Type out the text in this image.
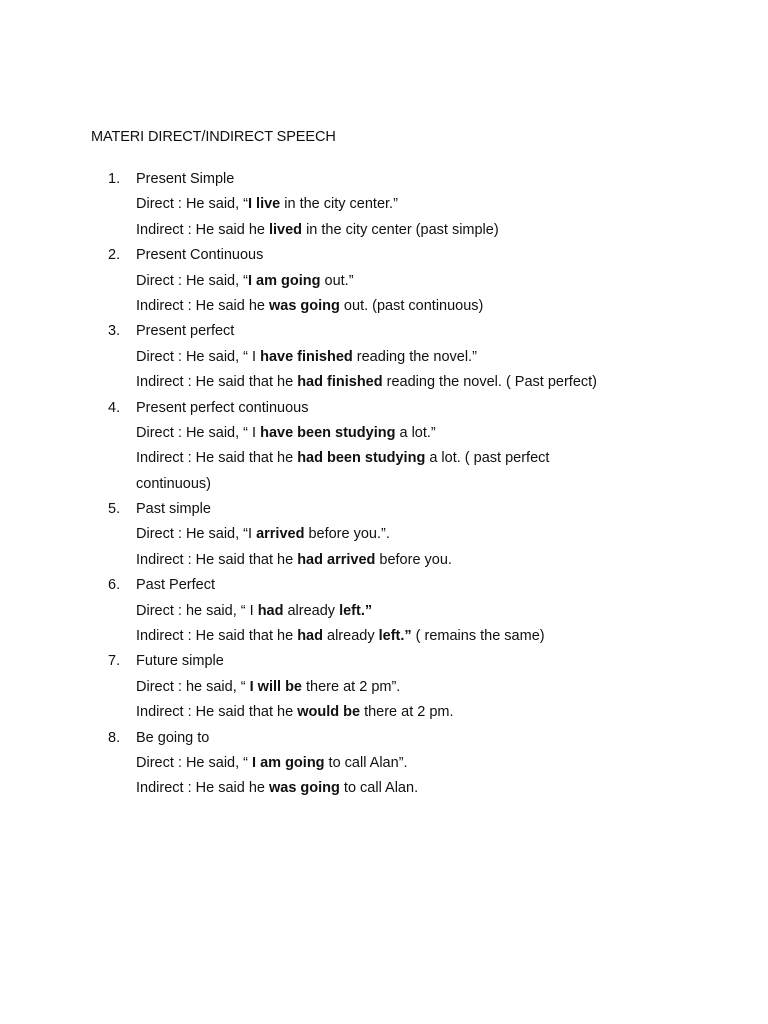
MATERI DIRECT/INDIRECT SPEECH
1.	Present Simple
Direct : He said, “I live in the city center.”
Indirect : He said he lived in the city center (past simple)
2.	Present Continuous
Direct : He said, “I am going out.”
Indirect : He said he was going out. (past continuous)
3.	Present perfect
Direct : He said, “ I have finished reading the novel.”
Indirect : He said that he had finished reading the novel. ( Past perfect)
4.	Present perfect continuous
Direct : He said, “ I have been studying a lot.”
Indirect : He said that he had been studying a lot. ( past perfect
continuous)
5.	Past simple
Direct : He said, “I arrived before you.”.
Indirect : He said that he had arrived before you.
6.	Past Perfect
Direct : he said, “ I had already left.”
Indirect : He said that he had already left.” ( remains the same)
7.	Future simple
Direct : he said, “ I will be there at 2 pm”.
Indirect : He said that he would be there at 2 pm.
8.	Be going to
Direct : He said, “ I am going to call Alan”.
Indirect : He said he was going to call Alan.
